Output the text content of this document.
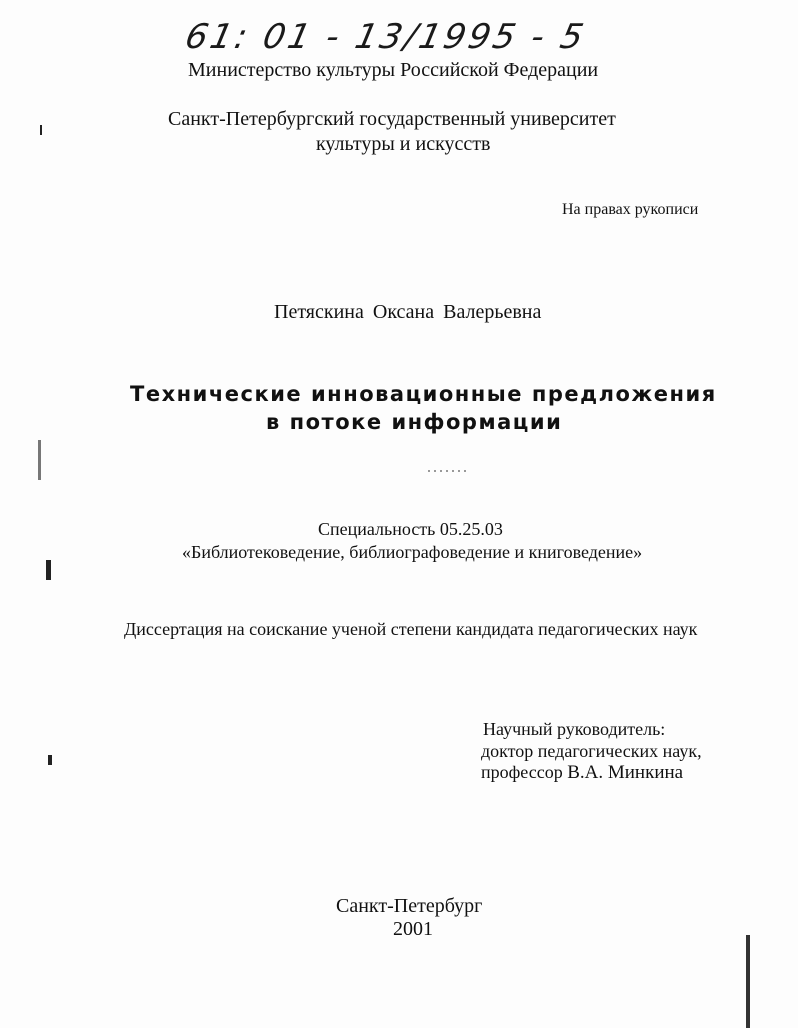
61: 01 - 13/1995 - 5
Министерство культуры Российской Федерации
Санкт-Петербургский государственный университет
культуры и искусств
На правах рукописи
Петяскина Оксана Валерьевна
Технические инновационные предложения
в потоке информации
Специальность 05.25.03
«Библиотековедение, библиографоведение и книговедение»
Диссертация на соискание ученой степени кандидата педагогических наук
Научный руководитель:
доктор педагогических наук,
профессор В.А. Минкина
Санкт-Петербург
2001
